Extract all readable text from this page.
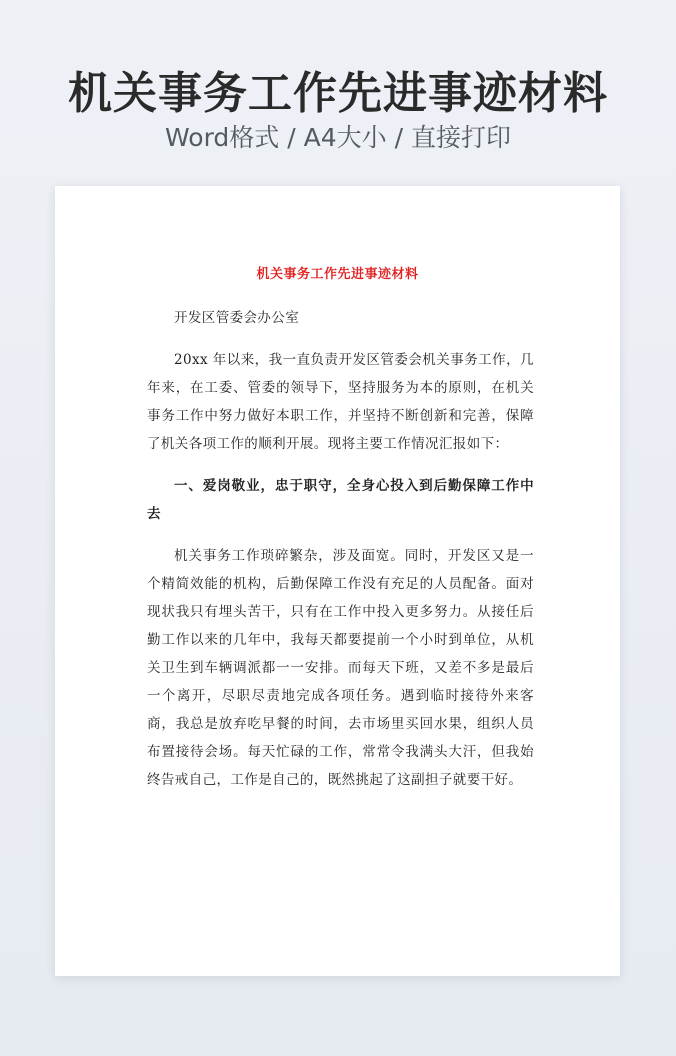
机关事务工作先进事迹材料
Word格式 / A4大小 / 直接打印
机关事务工作先进事迹材料

开发区管委会办公室

20xx 年以来，我一直负责开发区管委会机关事务工作，几年来，在工委、管委的领导下，坚持服务为本的原则，在机关事务工作中努力做好本职工作，并坚持不断创新和完善，保障了机关各项工作的顺利开展。现将主要工作情况汇报如下：

一、爱岗敬业，忠于职守，全身心投入到后勤保障工作中去

机关事务工作琐碎繁杂，涉及面宽。同时，开发区又是一个精简效能的机构，后勤保障工作没有充足的人员配备。面对现状我只有埋头苦干，只有在工作中投入更多努力。从接任后勤工作以来的几年中，我每天都要提前一个小时到单位，从机关卫生到车辆调派都一一安排。而每天下班，又差不多是最后一个离开，尽职尽责地完成各项任务。遇到临时接待外来客商，我总是放弃吃早餐的时间，去市场里买回水果，组织人员布置接待会场。每天忙碌的工作，常常令我满头大汗，但我始终告戒自己，工作是自己的，既然挑起了这副担子就要干好。
